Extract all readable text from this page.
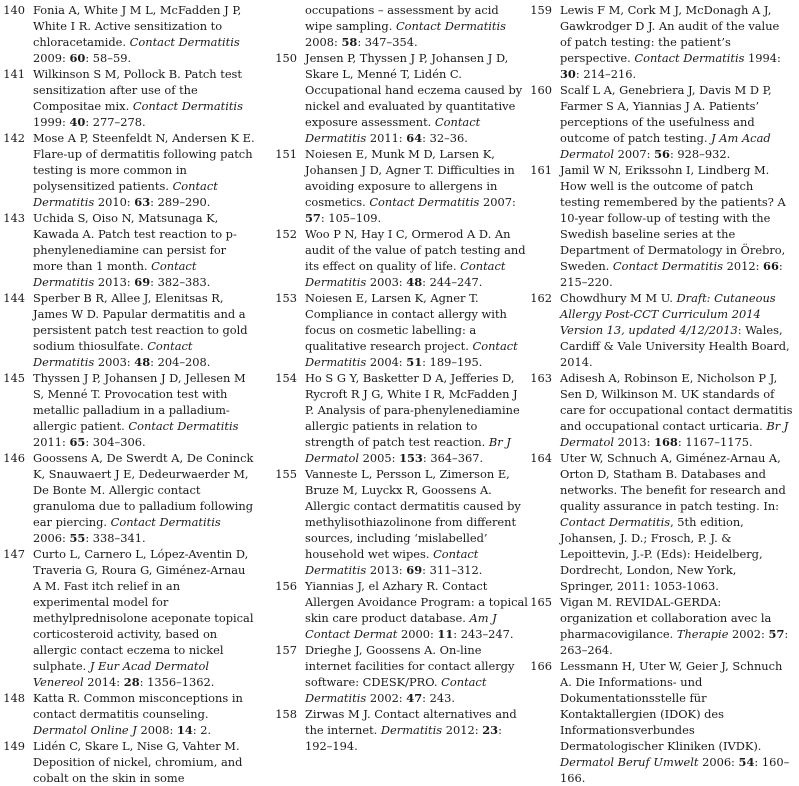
140 Fonia A, White J M L, McFadden J P, White I R. Active sensitization to chloracetamide. Contact Dermatitis 2009: 60: 58–59.
141 Wilkinson S M, Pollock B. Patch test sensitization after use of the Compositae mix. Contact Dermatitis 1999: 40: 277–278.
142 Mose A P, Steenfeldt N, Andersen K E. Flare-up of dermatitis following patch testing is more common in polysensitized patients. Contact Dermatitis 2010: 63: 289–290.
143 Uchida S, Oiso N, Matsunaga K, Kawada A. Patch test reaction to p-phenylenediamine can persist for more than 1 month. Contact Dermatitis 2013: 69: 382–383.
144 Sperber B R, Allee J, Elenitsas R, James W D. Papular dermatitis and a persistent patch test reaction to gold sodium thiosulfate. Contact Dermatitis 2003: 48: 204–208.
145 Thyssen J P, Johansen J D, Jellesen M S, Menné T. Provocation test with metallic palladium in a palladium-allergic patient. Contact Dermatitis 2011: 65: 304–306.
146 Goossens A, De Swerdt A, De Coninck K, Snauwaert J E, Dedeurwaerder M, De Bonte M. Allergic contact granuloma due to palladium following ear piercing. Contact Dermatitis 2006: 55: 338–341.
147 Curto L, Carnero L, López-Aventin D, Traveria G, Roura G, Giménez-Arnau A M. Fast itch relief in an experimental model for methylprednisolone aceponate topical corticosteroid activity, based on allergic contact eczema to nickel sulphate. J Eur Acad Dermatol Venereol 2014: 28: 1356–1362.
148 Katta R. Common misconceptions in contact dermatitis counseling. Dermatol Online J 2008: 14: 2.
149 Lidén C, Skare L, Nise G, Vahter M. Deposition of nickel, chromium, and cobalt on the skin in some
occupations – assessment by acid wipe sampling. Contact Dermatitis 2008: 58: 347–354.
150 Jensen P, Thyssen J P, Johansen J D, Skare L, Menné T, Lidén C. Occupational hand eczema caused by nickel and evaluated by quantitative exposure assessment. Contact Dermatitis 2011: 64: 32–36.
151 Noiesen E, Munk M D, Larsen K, Johansen J D, Agner T. Difficulties in avoiding exposure to allergens in cosmetics. Contact Dermatitis 2007: 57: 105–109.
152 Woo P N, Hay I C, Ormerod A D. An audit of the value of patch testing and its effect on quality of life. Contact Dermatitis 2003: 48: 244–247.
153 Noiesen E, Larsen K, Agner T. Compliance in contact allergy with focus on cosmetic labelling: a qualitative research project. Contact Dermatitis 2004: 51: 189–195.
154 Ho S G Y, Basketter D A, Jefferies D, Rycroft R J G, White I R, McFadden J P. Analysis of para-phenylenediamine allergic patients in relation to strength of patch test reaction. Br J Dermatol 2005: 153: 364–367.
155 Vanneste L, Persson L, Zimerson E, Bruze M, Luyckx R, Goossens A. Allergic contact dermatitis caused by methylisothiazolinone from different sources, including ‘mislabelled’ household wet wipes. Contact Dermatitis 2013: 69: 311–312.
156 Yiannias J, el Azhary R. Contact Allergen Avoidance Program: a topical skin care product database. Am J Contact Dermat 2000: 11: 243–247.
157 Drieghe J, Goossens A. On-line internet facilities for contact allergy software: CDESK/PRO. Contact Dermatitis 2002: 47: 243.
158 Zirwas M J. Contact alternatives and the internet. Dermatitis 2012: 23: 192–194.
159 Lewis F M, Cork M J, McDonagh A J, Gawkrodger D J. An audit of the value of patch testing: the patient’s perspective. Contact Dermatitis 1994: 30: 214–216.
160 Scalf L A, Genebriera J, Davis M D P, Farmer S A, Yiannias J A. Patients’ perceptions of the usefulness and outcome of patch testing. J Am Acad Dermatol 2007: 56: 928–932.
161 Jamil W N, Erikssohn I, Lindberg M. How well is the outcome of patch testing remembered by the patients? A 10-year follow-up of testing with the Swedish baseline series at the Department of Dermatology in Örebro, Sweden. Contact Dermatitis 2012: 66: 215–220.
162 Chowdhury M M U. Draft: Cutaneous Allergy Post-CCT Curriculum 2014 Version 13, updated 4/12/2013: Wales, Cardiff & Vale University Health Board, 2014.
163 Adisesh A, Robinson E, Nicholson P J, Sen D, Wilkinson M. UK standards of care for occupational contact dermatitis and occupational contact urticaria. Br J Dermatol 2013: 168: 1167–1175.
164 Uter W, Schnuch A, Giménez-Arnau A, Orton D, Statham B. Databases and networks. The benefit for research and quality assurance in patch testing. In: Contact Dermatitis, 5th edition, Johansen, J. D.; Frosch, P. J. & Lepoittevin, J.-P. (Eds): Heidelberg, Dordrecht, London, New York, Springer, 2011: 1053-1063.
165 Vigan M. REVIDAL-GERDA: organization et collaboration avec la pharmacovigilance. Therapie 2002: 57: 263–264.
166 Lessmann H, Uter W, Geier J, Schnuch A. Die Informations- und Dokumentationsstelle für Kontaktallergien (IDOK) des Informationsverbundes Dermatologischer Kliniken (IVDK). Dermatol Beruf Umwelt 2006: 54: 160–166.
